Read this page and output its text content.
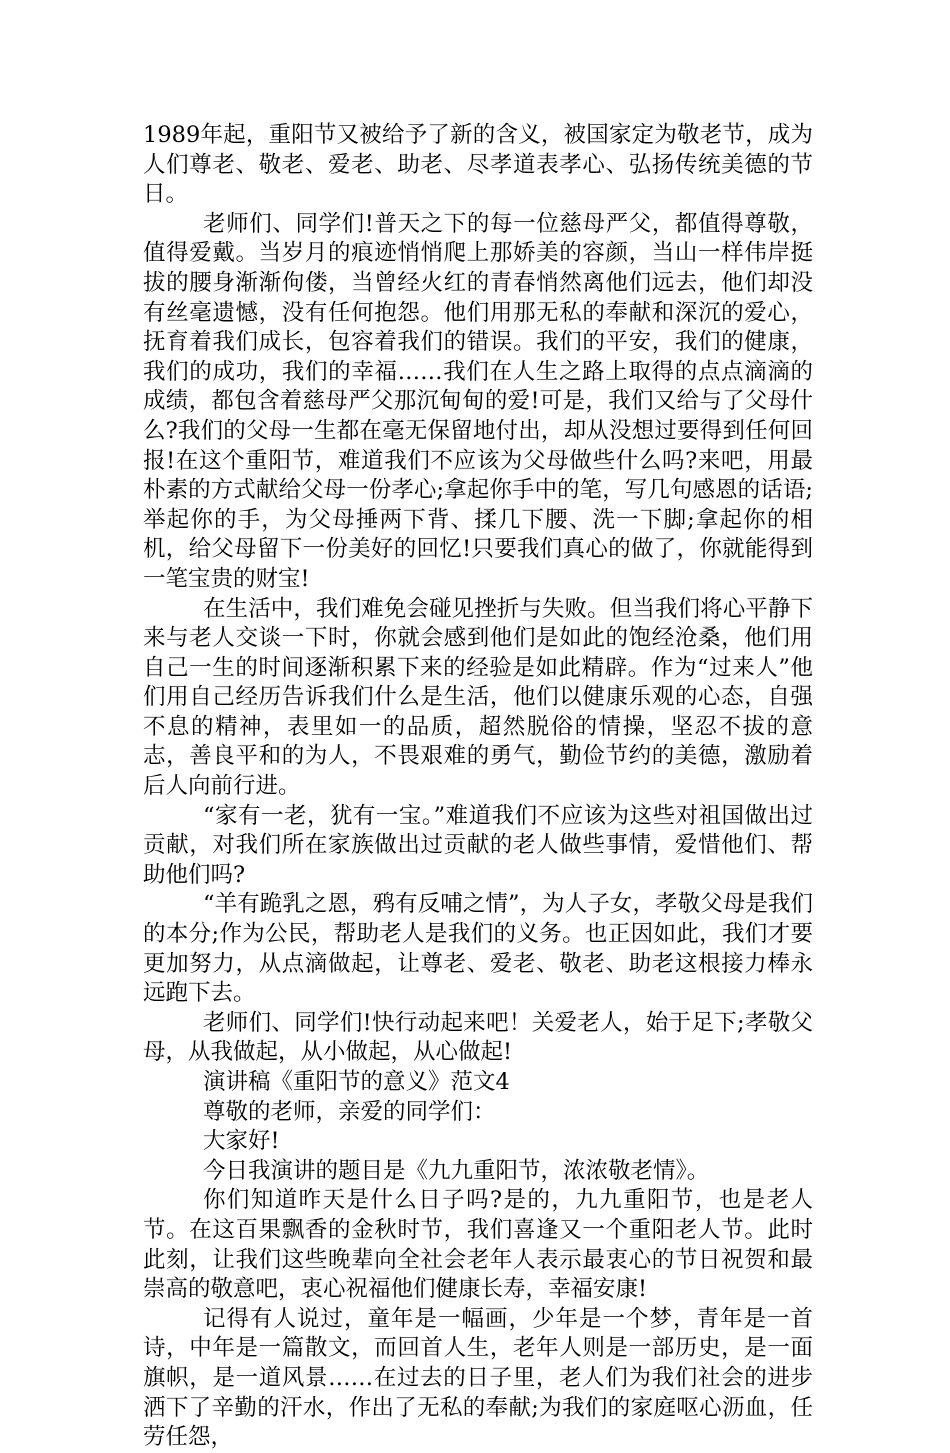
1989年起，重阳节又被给予了新的含义，被国家定为敬老节，成为人们尊老、敬老、爱老、助老、尽孝道表孝心、弘扬传统美德的节日。

老师们、同学们!普天之下的每一位慈母严父，都值得尊敬，值得爱戴。当岁月的痕迹悄悄爬上那娇美的容颜，当山一样伟岸挺拔的腰身渐渐佝偻，当曾经火红的青春悄然离他们远去，他们却没有丝毫遗憾，没有任何抱怨。他们用那无私的奉献和深沉的爱心，抚育着我们成长，包容着我们的错误。我们的平安，我们的健康，我们的成功，我们的幸福……我们在人生之路上取得的点点滴滴的成绩，都包含着慈母严父那沉甸甸的爱!可是，我们又给与了父母什么?我们的父母一生都在毫无保留地付出，却从没想过要得到任何回报!在这个重阳节，难道我们不应该为父母做些什么吗?来吧，用最朴素的方式献给父母一份孝心;拿起你手中的笔，写几句感恩的话语;举起你的手，为父母捶两下背、揉几下腰、洗一下脚;拿起你的相机，给父母留下一份美好的回忆!只要我们真心的做了，你就能得到一笔宝贵的财宝!

在生活中，我们难免会碰见挫折与失败。但当我们将心平静下来与老人交谈一下时，你就会感到他们是如此的饱经沧桑，他们用自己一生的时间逐渐积累下来的经验是如此精辟。作为“过来人”他们用自己经历告诉我们什么是生活，他们以健康乐观的心态，自强不息的精神，表里如一的品质，超然脱俗的情操，坚忍不拔的意志，善良平和的为人，不畏艰难的勇气，勤俭节约的美德，激励着后人向前行进。

“家有一老，犹有一宝。”难道我们不应该为这些对祖国做出过贡献，对我们所在家族做出过贡献的老人做些事情，爱惜他们、帮助他们吗?

“羊有跪乳之恩，鸦有反哺之情”，为人子女，孝敬父母是我们的本分;作为公民，帮助老人是我们的义务。也正因如此，我们才要更加努力，从点滴做起，让尊老、爱老、敬老、助老这根接力棒永远跑下去。

老师们、同学们!快行动起来吧！关爱老人，始于足下;孝敬父母，从我做起，从小做起，从心做起!

演讲稿《重阳节的意义》范文4

尊敬的老师，亲爱的同学们：

大家好!

今日我演讲的题目是《九九重阳节，浓浓敬老情》。

你们知道昨天是什么日子吗?是的，九九重阳节，也是老人节。在这百果飘香的金秋时节，我们喜逢又一个重阳老人节。此时此刻，让我们这些晚辈向全社会老年人表示最衷心的节日祝贺和最崇高的敬意吧，衷心祝福他们健康长寿，幸福安康!

记得有人说过，童年是一幅画，少年是一个梦，青年是一首诗，中年是一篇散文，而回首人生，老年人则是一部历史，是一面旗帜，是一道风景……在过去的日子里，老人们为我们社会的进步洒下了辛勤的汗水，作出了无私的奉献;为我们的家庭呕心沥血，任劳任怨，
